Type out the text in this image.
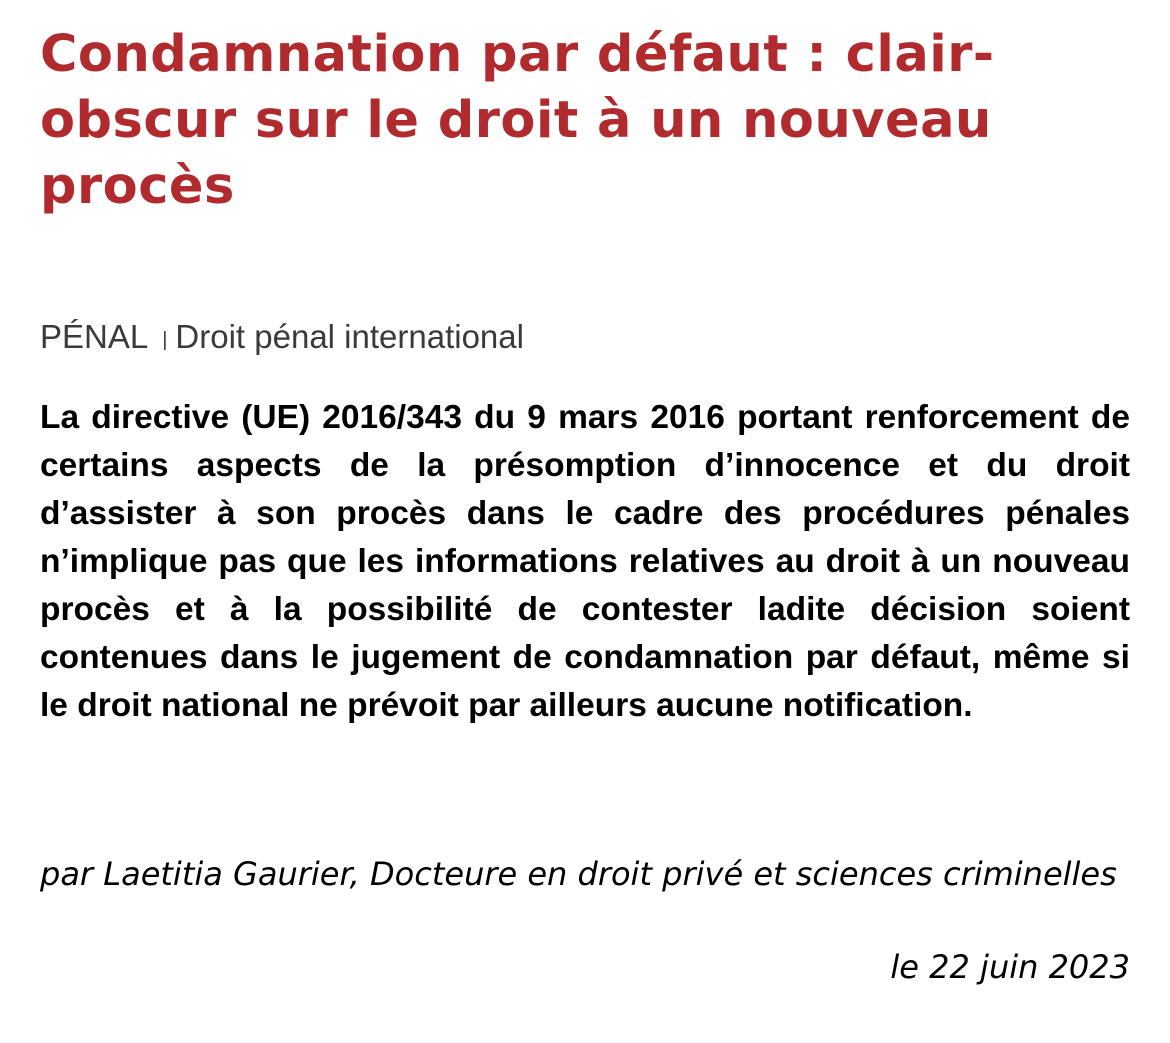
Condamnation par défaut : clair-obscur sur le droit à un nouveau procès
PÉNAL | Droit pénal international

La directive (UE) 2016/343 du 9 mars 2016 portant renforcement de certains aspects de la présomption d’innocence et du droit d’assister à son procès dans le cadre des procédures pénales n’implique pas que les informations relatives au droit à un nouveau procès et à la possibilité de contester ladite décision soient contenues dans le jugement de condamnation par défaut, même si le droit national ne prévoit par ailleurs aucune notification.

par Laetitia Gaurier, Docteure en droit privé et sciences criminelles

le 22 juin 2023
